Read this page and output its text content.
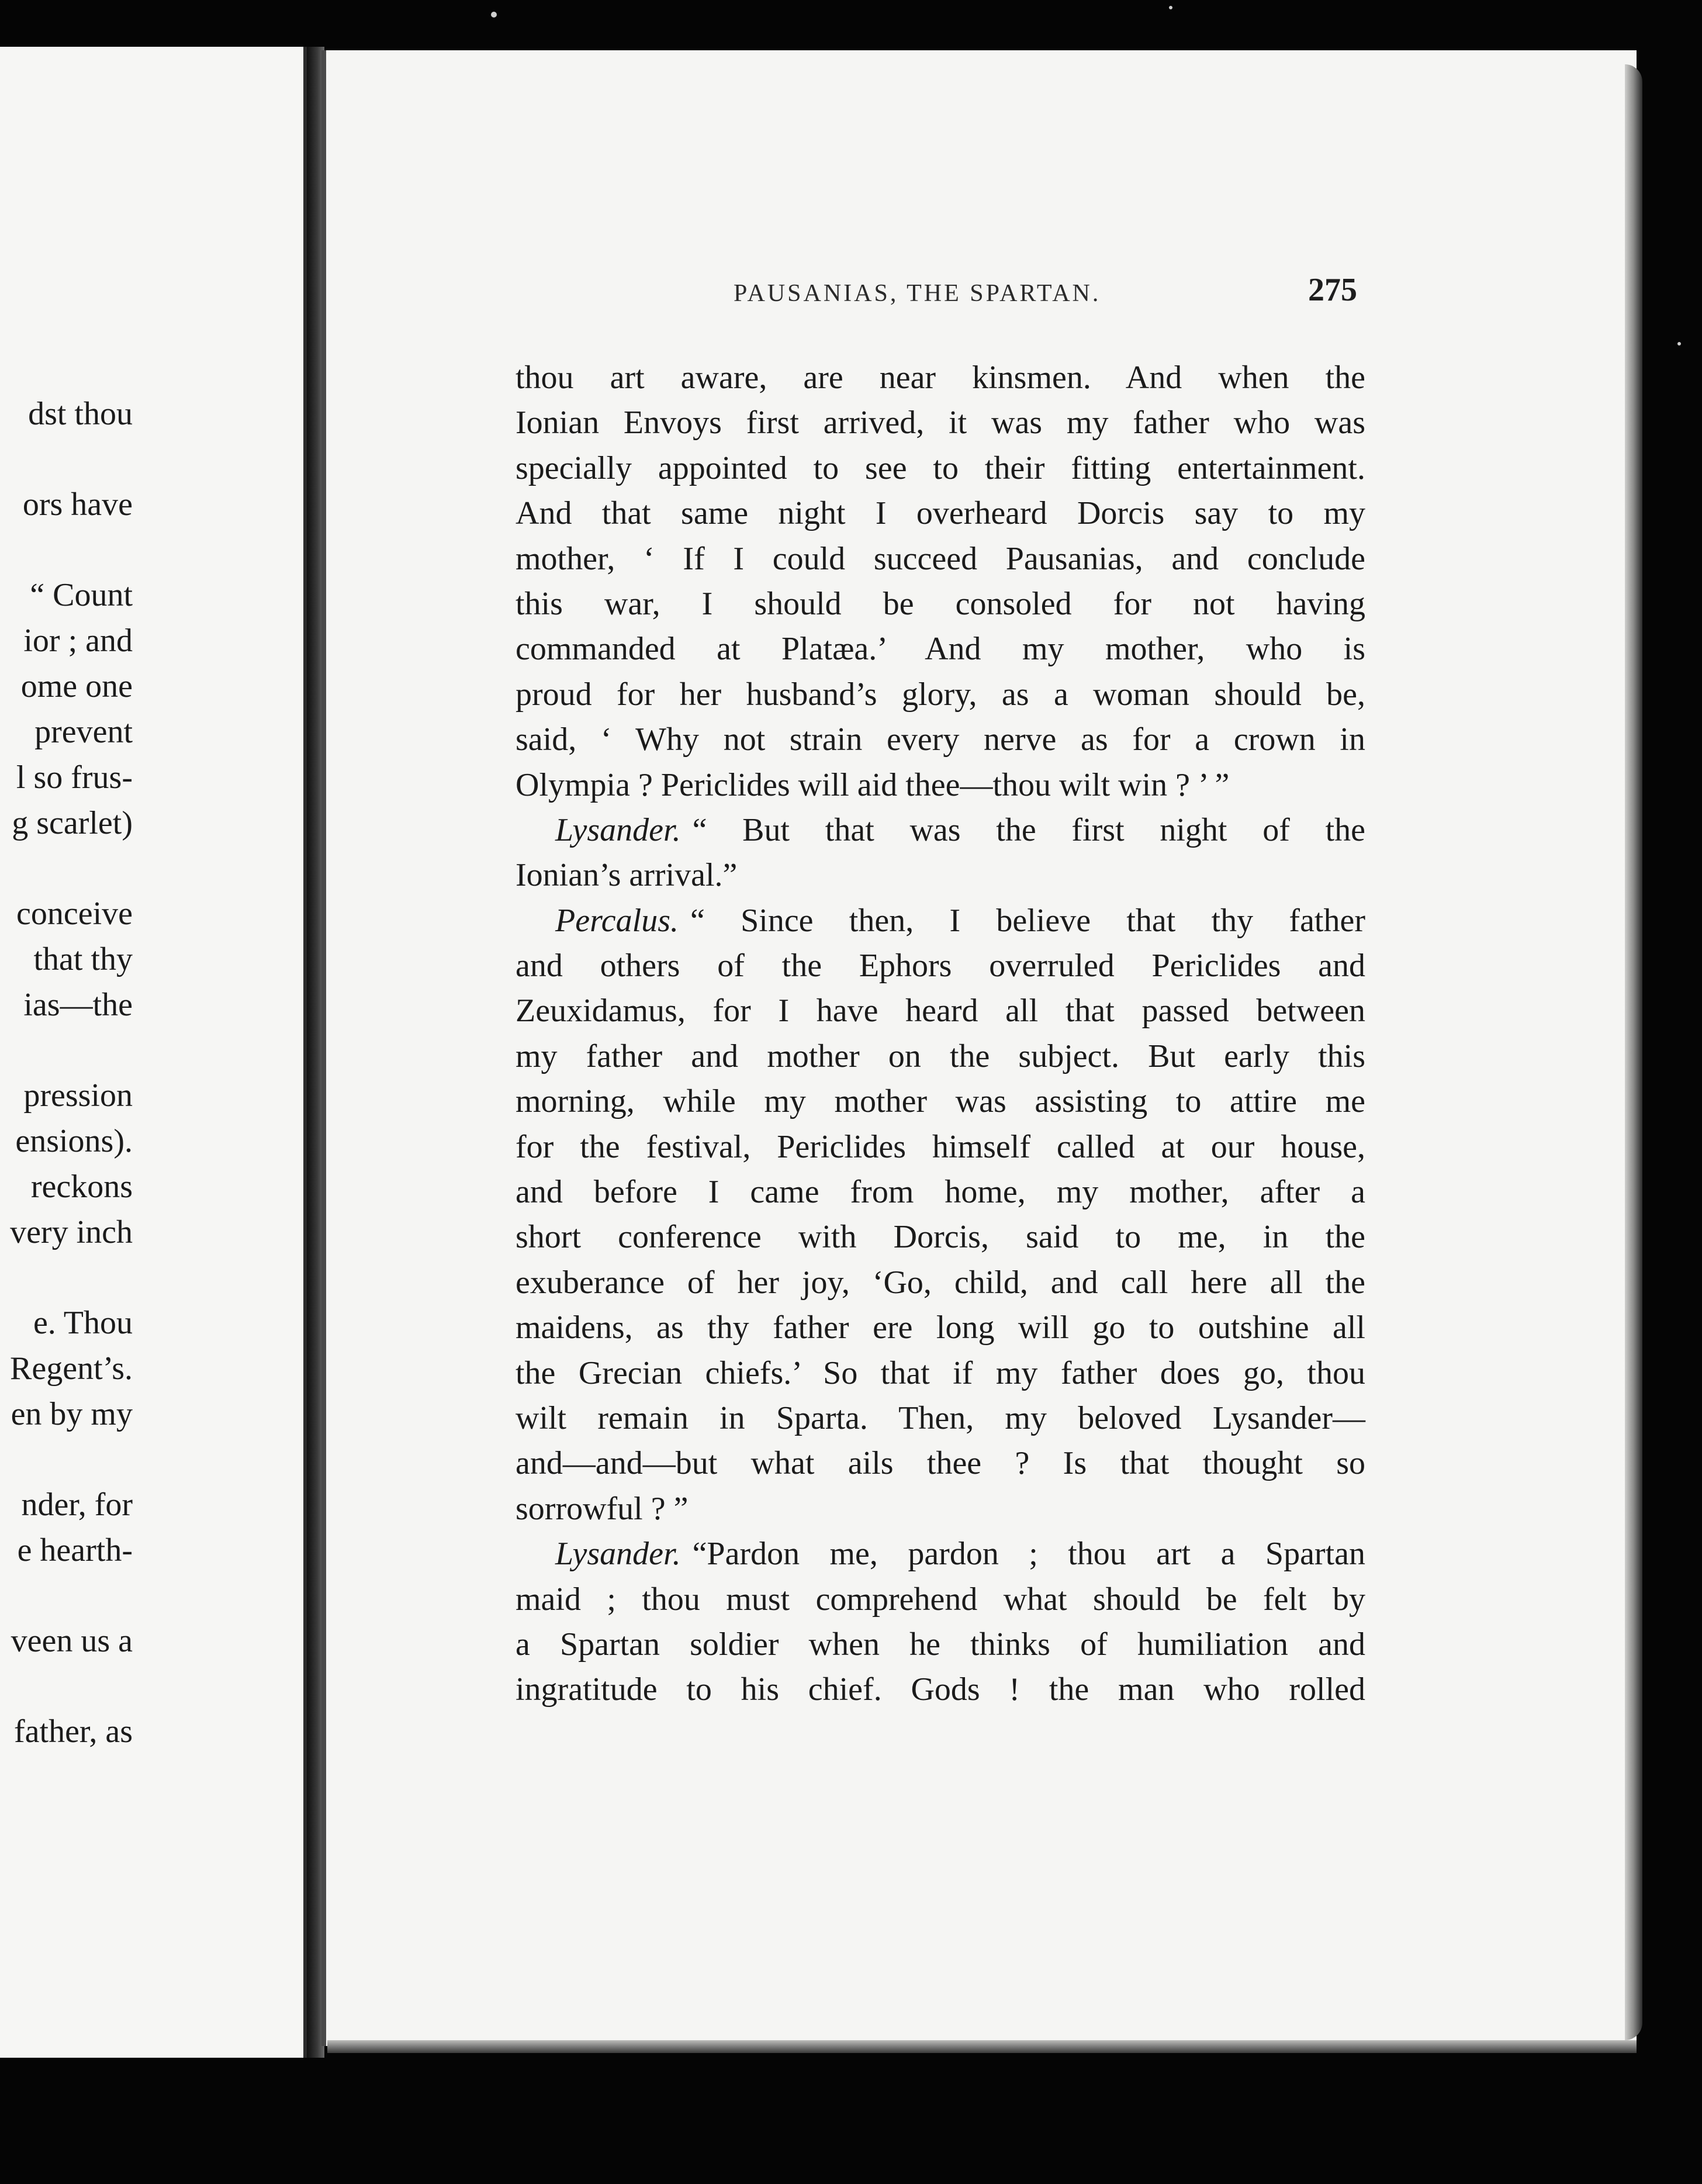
dst thou
ors have
“ Count
ior ; and
ome one
prevent
l so frus-
g scarlet)
conceive
that thy
ias—the
pression
ensions).
reckons
very inch
e. Thou
Regent’s.
en by my
nder, for
e hearth-
veen us a
father, as
PAUSANIAS, THE SPARTAN.	275
thou art aware, are near kinsmen. And when the
Ionian Envoys first arrived, it was my father who was
specially appointed to see to their fitting entertainment.
And that same night I overheard Dorcis say to my
mother, ‘ If I could succeed Pausanias, and conclude
this war, I should be consoled for not having
commanded at Platæa.’ And my mother, who is
proud for her husband’s glory, as a woman should be,
said, ‘ Why not strain every nerve as for a crown in
Olympia ? Periclides will aid thee—thou wilt win ? ’ ”
Lysander. “ But that was the first night of the
Ionian’s arrival.”
Percalus. “ Since then, I believe that thy father
and others of the Ephors overruled Periclides and
Zeuxidamus, for I have heard all that passed between
my father and mother on the subject. But early this
morning, while my mother was assisting to attire me
for the festival, Periclides himself called at our house,
and before I came from home, my mother, after a
short conference with Dorcis, said to me, in the
exuberance of her joy, ‘Go, child, and call here all the
maidens, as thy father ere long will go to outshine all
the Grecian chiefs.’ So that if my father does go, thou
wilt remain in Sparta. Then, my beloved Lysander—
and—and—but what ails thee ? Is that thought so
sorrowful ? ”
Lysander. “Pardon me, pardon ; thou art a Spartan
maid ; thou must comprehend what should be felt by
a Spartan soldier when he thinks of humiliation and
ingratitude to his chief. Gods ! the man who rolled
